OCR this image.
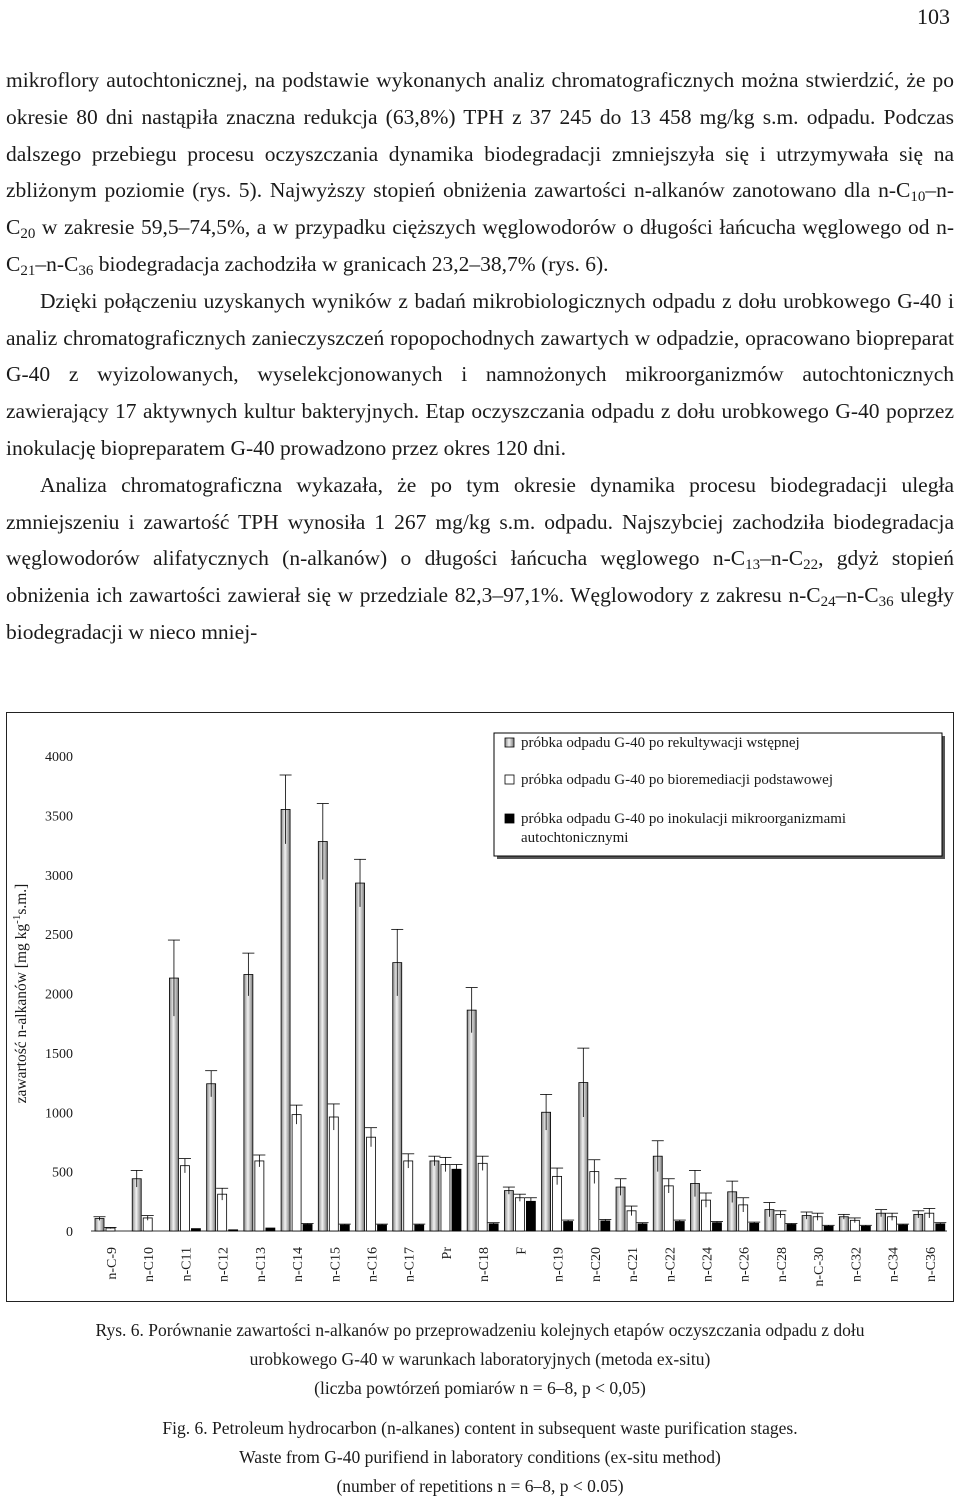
103

mikroflory autochtonicznej, na podstawie wykonanych analiz chromatograficznych można stwierdzić, że po okresie 80 dni nastąpiła znaczna redukcja (63,8%) TPH z 37 245 do 13 458 mg/kg s.m. odpadu. Podczas dalszego przebiegu procesu oczyszczania dynamika biodegradacji zmniejszyła się i utrzymywała się na zbliżonym poziomie (rys. 5). Najwyższy stopień obniżenia zawartości n-alkanów zanotowano dla $n-C_{10}-n-C_{20}$ w zakresie 59,5–74,5%, a w przypadku cięższych węglowodorów o długości łańcucha węglowego od $n-C_{21}-n-C_{36}$ biodegradacja zachodziła w granicach 23,2–38,7% (rys. 6).

Dzięki połączeniu uzyskanych wyników z badań mikrobiologicznych odpadu z dołu urobkowego G-40 i analiz chromatograficznych zanieczyszczeń ropopochodnych zawartych w odpadzie, opracowano biopreparat G-40 z wyizolowanych, wyselekcjonowanych i namnożonych mikroorganizmów autochtonicznych zawierający 17 aktywnych kultur bakteryjnych. Etap oczyszczania odpadu z dołu urobkowego G-40 poprzez inokulację biopreparatem G-40 prowadzono przez okres 120 dni.

Analiza chromatograficzna wykazała, że po tym okresie dynamika procesu biodegradacji uległa zmniejszeniu i zawartość TPH wynosiła 1 267 mg/kg s.m. odpadu. Najszybciej zachodziła biodegradacja węglowodorów alifatycznych (n-alkanów) o długości łańcucha węglowego $n-C_{13}-n-C_{22}$, gdyż stopień obniżenia ich zawartości zawierał się w przedziale 82,3–97,1%. Węglowodory z zakresu $n-C_{24}-n-C_{36}$ uległy biodegradacji w nieco mniej-

0
500
1000
1500
2000
2500
3000
3500
4000
zawartość n-alkanów [mg $kg^{-1}s.m$.]
n-C-9 n-C10 n-C11 n-C12 n-C13 n-C14 n-C15 n-C16 n-C17 Pr n-C18 F n-C19 n-C20 n-C21 n-C22 n-C24 n-C26 n-C28 n-C-30 n-C32 n-C34 n-C36
próbka odpadu G-40 po rekultywacji wstępnej
próbka odpadu G-40 po bioremediacji podstawowej
próbka odpadu G-40 po inokulacji mikroorganizmami
autochtonicznymi
Rys. 6. Porównanie zawartości n-alkanów po przeprowadzeniu kolejnych etapów oczyszczania odpadu z dołu
urobkowego G-40 w warunkach laboratoryjnych (metoda ex-situ)
(liczba powtórzeń pomiarów n = 6–8, p < 0,05)
Fig. 6. Petroleum hydrocarbon (n-alkanes) content in subsequent waste purification stages.
Waste from G-40 purifiend in laboratory conditions (ex-situ method)
(number of repetitions n = 6–8, p < 0.05)
